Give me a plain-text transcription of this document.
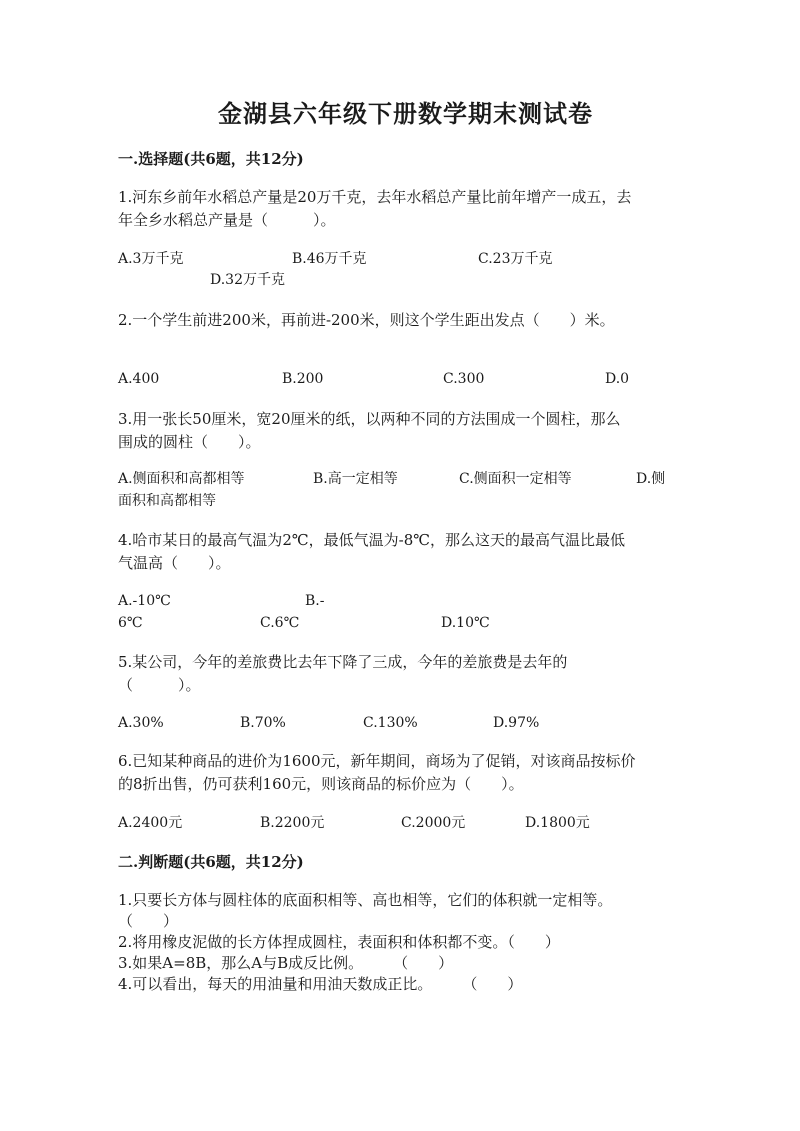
金湖县六年级下册数学期末测试卷
一.选择题(共6题，共12分)
1.河东乡前年水稻总产量是20万千克，去年水稻总产量比前年增产一成五，去
年全乡水稻总产量是（　　　）。
A.3万千克	B.46万千克	C.23万千克
D.32万千克
2.一个学生前进200米，再前进-200米，则这个学生距出发点（　　）米。
A.400	B.200	C.300	D.0
3.用一张长50厘米，宽20厘米的纸，以两种不同的方法围成一个圆柱，那么
围成的圆柱（　　）。
A.侧面积和高都相等	B.高一定相等	C.侧面积一定相等	D.侧
面积和高都相等
4.哈市某日的最高气温为2℃，最低气温为-8℃，那么这天的最高气温比最低
气温高（　　）。
A.-10℃	B.-
6℃	C.6℃	D.10℃
5.某公司，今年的差旅费比去年下降了三成，今年的差旅费是去年的
（　　　）。
A.30%	B.70%	C.130%	D.97%
6.已知某种商品的进价为1600元，新年期间，商场为了促销，对该商品按标价
的8折出售，仍可获利160元，则该商品的标价应为（　　）。
A.2400元	B.2200元	C.2000元	D.1800元
二.判断题(共6题，共12分)
1.只要长方体与圆柱体的底面积相等、高也相等，它们的体积就一定相等。
（　　）
2.将用橡皮泥做的长方体捏成圆柱，表面积和体积都不变。（　　）
3.如果A=8B，那么A与B成反比例。　　　（　　）
4.可以看出，每天的用油量和用油天数成正比。　　　（　　）
